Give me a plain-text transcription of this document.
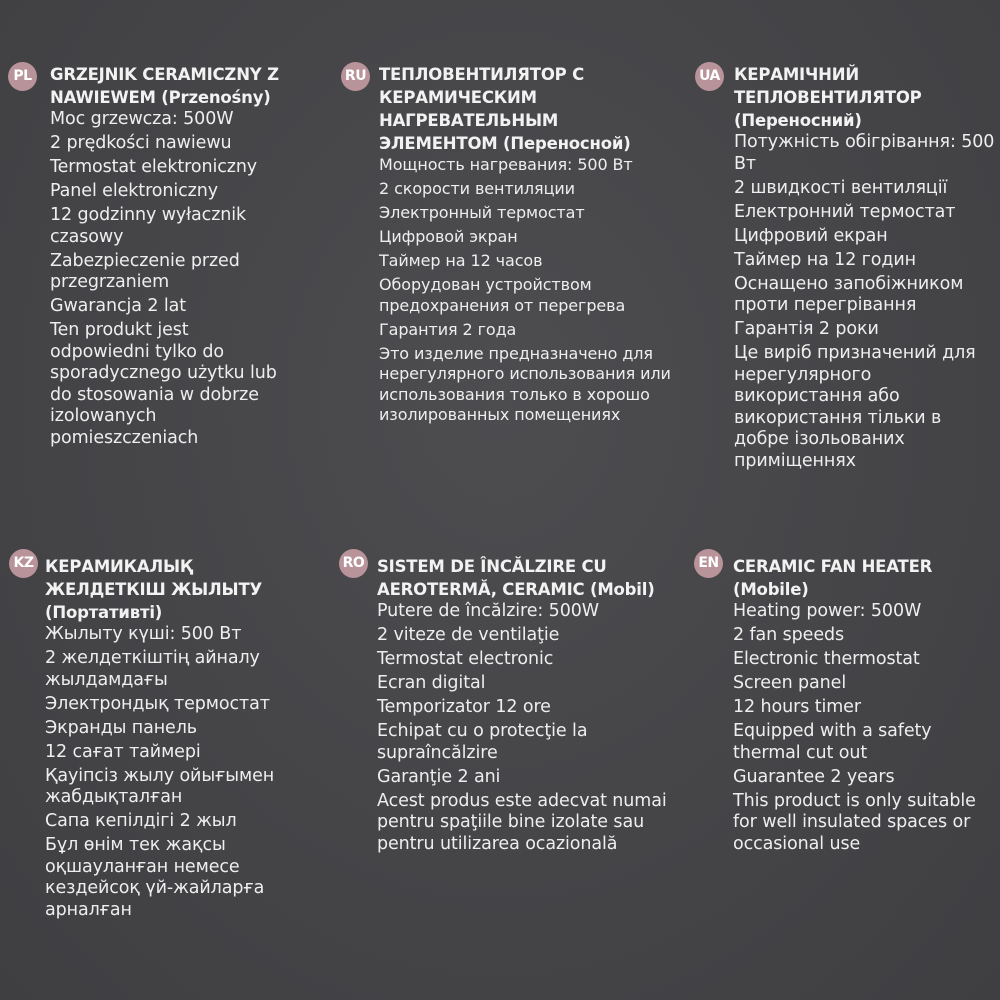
PL	RU	UA
KZ	RO	EN
GRZEJNIK CERAMICZNY Z NAWIEWEM (Przenośny)
Moc grzewcza: 500W
2 prędkości nawiewu
Termostat elektroniczny
Panel elektroniczny
12 godzinny wyłacznik czasowy
Zabezpieczenie przed przegrzaniem
Gwarancja 2 lat
Ten produkt jest odpowiedni tylko do sporadycznego użytku lub do stosowania w dobrze izolowanych pomieszczeniach
ТЕПЛОВЕНТИЛЯТОР С КЕРАМИЧЕСКИМ НАГРЕВАТЕЛЬНЫМ ЭЛЕМЕНТОМ (Переносной)
Мощность нагревания: 500 Вт
2 скорости вентиляции
Электронный термостат
Цифровой экран
Таймер на 12 часов
Оборудован устройством предохранения от перегрева
Гарантия 2 года
Это изделие предназначено для нерегулярного использования или использования только в хорошо изолированных помещениях
КЕРАМІЧНИЙ ТЕПЛОВЕНТИЛЯТОР (Переносний)
Потужність обігрівання: 500 Вт
2 швидкості вентиляції
Електронний термостат
Цифровий екран
Таймер на 12 годин
Оснащено запобіжником проти перегрівання
Гарантія 2 роки
Це виріб призначений для нерегулярного використання або використання тільки в добре ізольованих приміщеннях
КЕРАМИКАЛЫҚ ЖЕЛДЕТКІШ ЖЫЛЫТУ (Портативті)
Жылыту күші: 500 Вт
2 желдеткіштің айналу жылдамдағы
Электрондық термостат
Экранды панель
12 сағат таймері
Қауіпсіз жылу ойығымен жабдықталған
Сапа кепілдігі 2 жыл
Бұл өнім тек жақсы оқшауланған немесе кездейсоқ үй-жайларға арналған
SISTEM DE ÎNCĂLZIRE CU AEROTERMĂ, CERAMIC (Mobil)
Putere de încălzire: 500W
2 viteze de ventilaţie
Termostat electronic
Ecran digital
Temporizator 12 ore
Echipat cu o protecţie la supraîncălzire
Garanţie 2 ani
Acest produs este adecvat numai pentru spaţiile bine izolate sau pentru utilizarea ocazională
CERAMIC FAN HEATER (Mobile)
Heating power: 500W
2 fan speeds
Electronic thermostat
Screen panel
12 hours timer
Equipped with a safety thermal cut out
Guarantee 2 years
This product is only suitable for well insulated spaces or occasional use
